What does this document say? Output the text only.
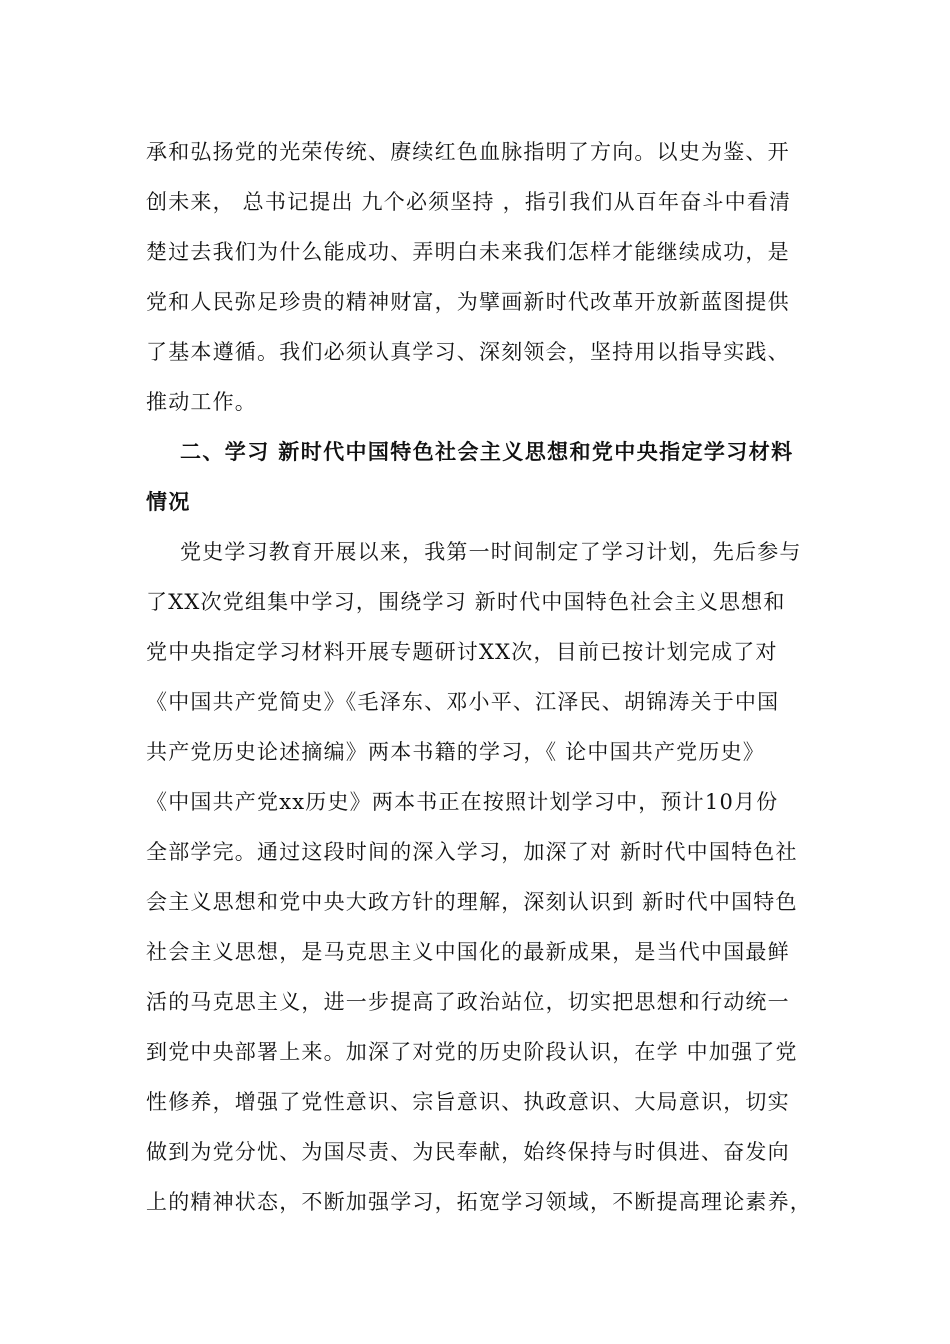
承和弘扬党的光荣传统、赓续红色血脉指明了方向。以史为鉴、开
创未来， 总书记提出 九个必须坚持 ，指引我们从百年奋斗中看清
楚过去我们为什么能成功、弄明白未来我们怎样才能继续成功，是
党和人民弥足珍贵的精神财富，为擘画新时代改革开放新蓝图提供
了基本遵循。我们必须认真学习、深刻领会，坚持用以指导实践、
推动工作。
二、学习 新时代中国特色社会主义思想和党中央指定学习材料
情况
党史学习教育开展以来，我第一时间制定了学习计划，先后参与
了XX次党组集中学习，围绕学习 新时代中国特色社会主义思想和
党中央指定学习材料开展专题研讨XX次，目前已按计划完成了对
《中国共产党简史》《毛泽东、邓小平、江泽民、胡锦涛关于中国
共产党历史论述摘编》两本书籍的学习，《 论中国共产党历史》
《中国共产党xx历史》两本书正在按照计划学习中，预计10月份
全部学完。通过这段时间的深入学习，加深了对 新时代中国特色社
会主义思想和党中央大政方针的理解，深刻认识到 新时代中国特色
社会主义思想，是马克思主义中国化的最新成果，是当代中国最鲜
活的马克思主义，进一步提高了政治站位，切实把思想和行动统一
到党中央部署上来。加深了对党的历史阶段认识，在学 中加强了党
性修养，增强了党性意识、宗旨意识、执政意识、大局意识，切实
做到为党分忧、为国尽责、为民奉献，始终保持与时俱进、奋发向
上的精神状态，不断加强学习，拓宽学习领域，不断提高理论素养，
